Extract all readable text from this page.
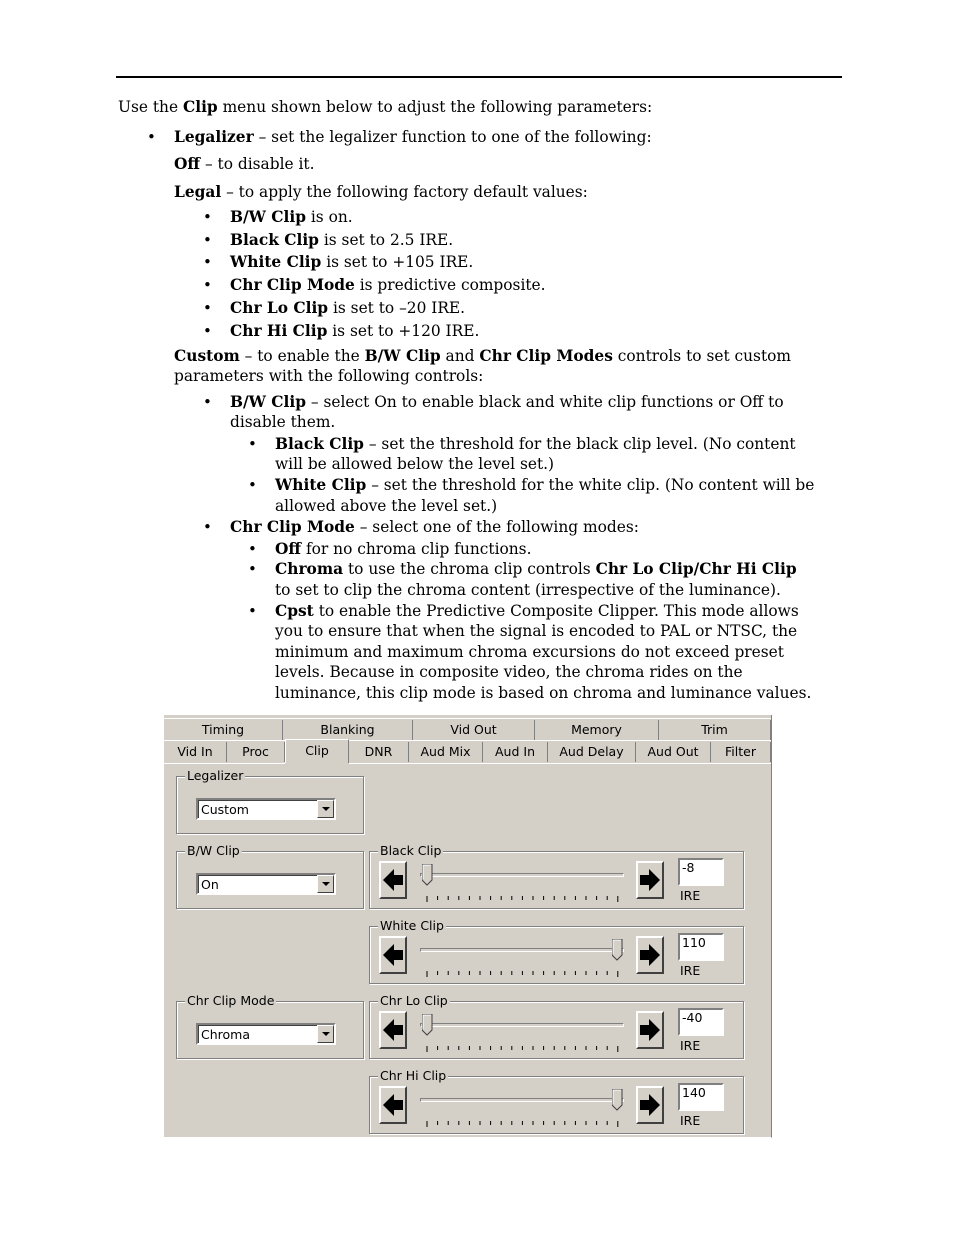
Use the Clip menu shown below to adjust the following parameters:
• Legalizer – set the legalizer function to one of the following:
Off – to disable it.
Legal – to apply the following factory default values:
• B/W Clip is on.
• Black Clip is set to 2.5 IRE.
• White Clip is set to +105 IRE.
• Chr Clip Mode is predictive composite.
• Chr Lo Clip is set to –20 IRE.
• Chr Hi Clip is set to +120 IRE.
Custom – to enable the B/W Clip and Chr Clip Modes controls to set custom
parameters with the following controls:
• B/W Clip – select On to enable black and white clip functions or Off to
disable them.
• Black Clip – set the threshold for the black clip level. (No content
will be allowed below the level set.)
• White Clip – set the threshold for the white clip. (No content will be
allowed above the level set.)
• Chr Clip Mode – select one of the following modes:
• Off for no chroma clip functions.
• Chroma to use the chroma clip controls Chr Lo Clip/Chr Hi Clip
to set to clip the chroma content (irrespective of the luminance).
• Cpst to enable the Predictive Composite Clipper. This mode allows
you to ensure that when the signal is encoded to PAL or NTSC, the
minimum and maximum chroma excursions do not exceed preset
levels. Because in composite video, the chroma rides on the
luminance, this clip mode is based on chroma and luminance values.
Timing	Blanking	Vid Out	Memory	Trim
Vid In	Proc	Clip	DNR	Aud Mix	Aud In	Aud Delay	Aud Out	Filter
Legalizer
Custom
B/W Clip
On
Chr Clip Mode
Chroma
Black Clip
-8
IRE
White Clip
110
IRE
Chr Lo Clip
-40
IRE
Chr Hi Clip
140
IRE
